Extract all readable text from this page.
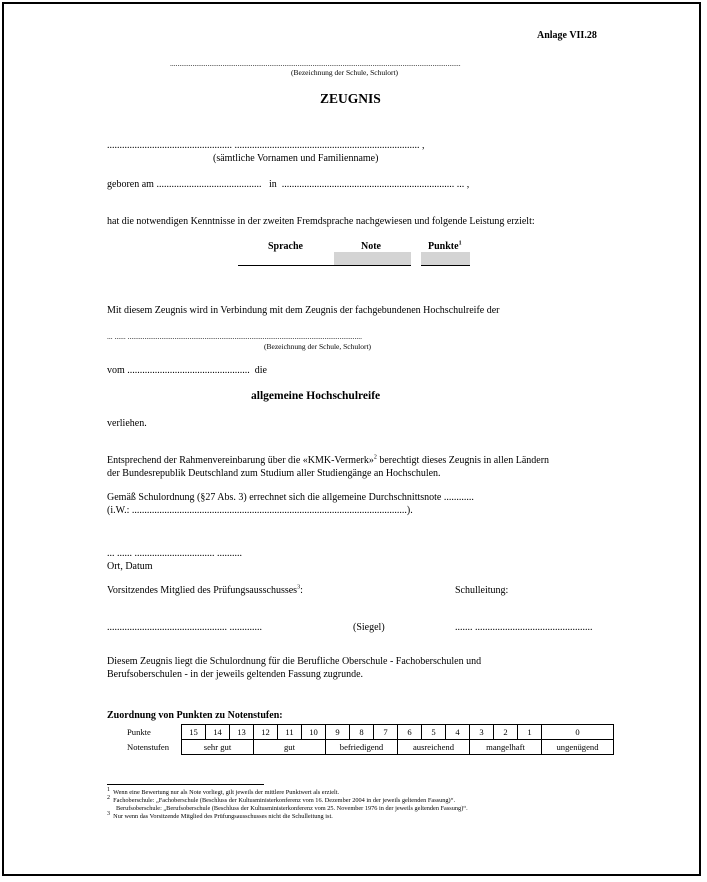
Anlage VII.28
...........................................................................................................................................................
(Bezeichnung der Schule, Schulort)
ZEUGNIS
.................................................. .......................................................................... ,
(sämtliche Vornamen und Familienname)
geboren am .......................................... in ..................................................................... ... ,
hat die notwendigen Kenntnisse in der zweiten Fremdsprache nachgewiesen und folgende Leistung erzielt:
Sprache	Note	Punkte$^1$
Mit diesem Zeugnis wird in Verbindung mit dem Zeugnis der fachgebundenen Hochschulreife der
... ...... .............................................................................................................................
(Bezeichnung der Schule, Schulort)
vom ................................................. die
allgemeine Hochschulreife
verliehen.
Entsprechend der Rahmenvereinbarung über die «KMK-Vermerk»$^2$ berechtigt dieses Zeugnis in allen Ländern
der Bundesrepublik Deutschland zum Studium aller Studiengänge an Hochschulen.
Gemäß Schulordnung (§27 Abs. 3) errechnet sich die allgemeine Durchschnittsnote ............
(i.W.: ..............................................................................................................).
... ...... ................................ ..........
Ort, Datum
Vorsitzendes Mitglied des Prüfungsausschusses$^3$:	Schulleitung:
................................................ .............	(Siegel)	....... ...............................................
Diesem Zeugnis liegt die Schulordnung für die Berufliche Oberschule - Fachoberschulen und
Berufsoberschulen - in der jeweils geltenden Fassung zugrunde.
Zuordnung von Punkten zu Notenstufen:
Punkte	15	14	13	12	11	10	9	8	7	6	5	4	3	2	1	0
Notenstufen	sehr gut			gut			befriedigend			ausreichend			mangelhaft			ungenügend
$^1$ Wenn eine Bewertung nur als Note vorliegt, gilt jeweils der mittlere Punktwert als erzielt.
$^2$ Fachoberschule: „Fachoberschule (Beschluss der Kultusministerkonferenz vom 16. Dezember 2004 in der jeweils geltenden Fassung)“.
Berufsoberschule: „Berufsoberschule (Beschluss der Kultusministerkonferenz vom 25. November 1976 in der jeweils geltenden Fassung)“.
$^3$ Nur wenn das Vorsitzende Mitglied des Prüfungsausschusses nicht die Schulleitung ist.
